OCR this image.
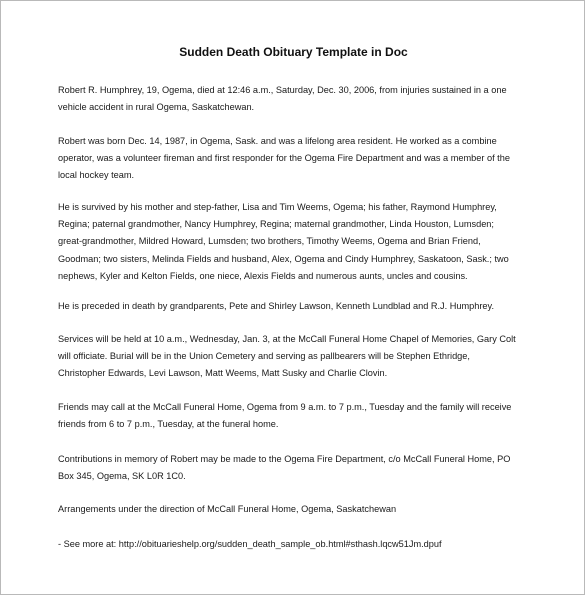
Sudden Death Obituary Template in Doc

Robert R. Humphrey, 19, Ogema, died at 12:46 a.m., Saturday, Dec. 30, 2006, from injuries sustained in a one
vehicle accident in rural Ogema, Saskatchewan.

Robert was born Dec. 14, 1987, in Ogema, Sask. and was a lifelong area resident. He worked as a combine
operator, was a volunteer fireman and first responder for the Ogema Fire Department and was a member of the
local hockey team.

He is survived by his mother and step-father, Lisa and Tim Weems, Ogema; his father, Raymond Humphrey,
Regina; paternal grandmother, Nancy Humphrey, Regina; maternal grandmother, Linda Houston, Lumsden;
great-grandmother, Mildred Howard, Lumsden; two brothers, Timothy Weems, Ogema and Brian Friend,
Goodman; two sisters, Melinda Fields and husband, Alex, Ogema and Cindy Humphrey, Saskatoon, Sask.; two
nephews, Kyler and Kelton Fields, one niece, Alexis Fields and numerous aunts, uncles and cousins.

He is preceded in death by grandparents, Pete and Shirley Lawson, Kenneth Lundblad and R.J. Humphrey.

Services will be held at 10 a.m., Wednesday, Jan. 3, at the McCall Funeral Home Chapel of Memories, Gary Colt
will officiate. Burial will be in the Union Cemetery and serving as pallbearers will be Stephen Ethridge,
Christopher Edwards, Levi Lawson, Matt Weems, Matt Susky and Charlie Clovin.

Friends may call at the McCall Funeral Home, Ogema from 9 a.m. to 7 p.m., Tuesday and the family will receive
friends from 6 to 7 p.m., Tuesday, at the funeral home.

Contributions in memory of Robert may be made to the Ogema Fire Department, c/o McCall Funeral Home, PO
Box 345, Ogema, SK L0R 1C0.

Arrangements under the direction of McCall Funeral Home, Ogema, Saskatchewan

- See more at: http://obituarieshelp.org/sudden_death_sample_ob.html#sthash.lqcw51Jm.dpuf
